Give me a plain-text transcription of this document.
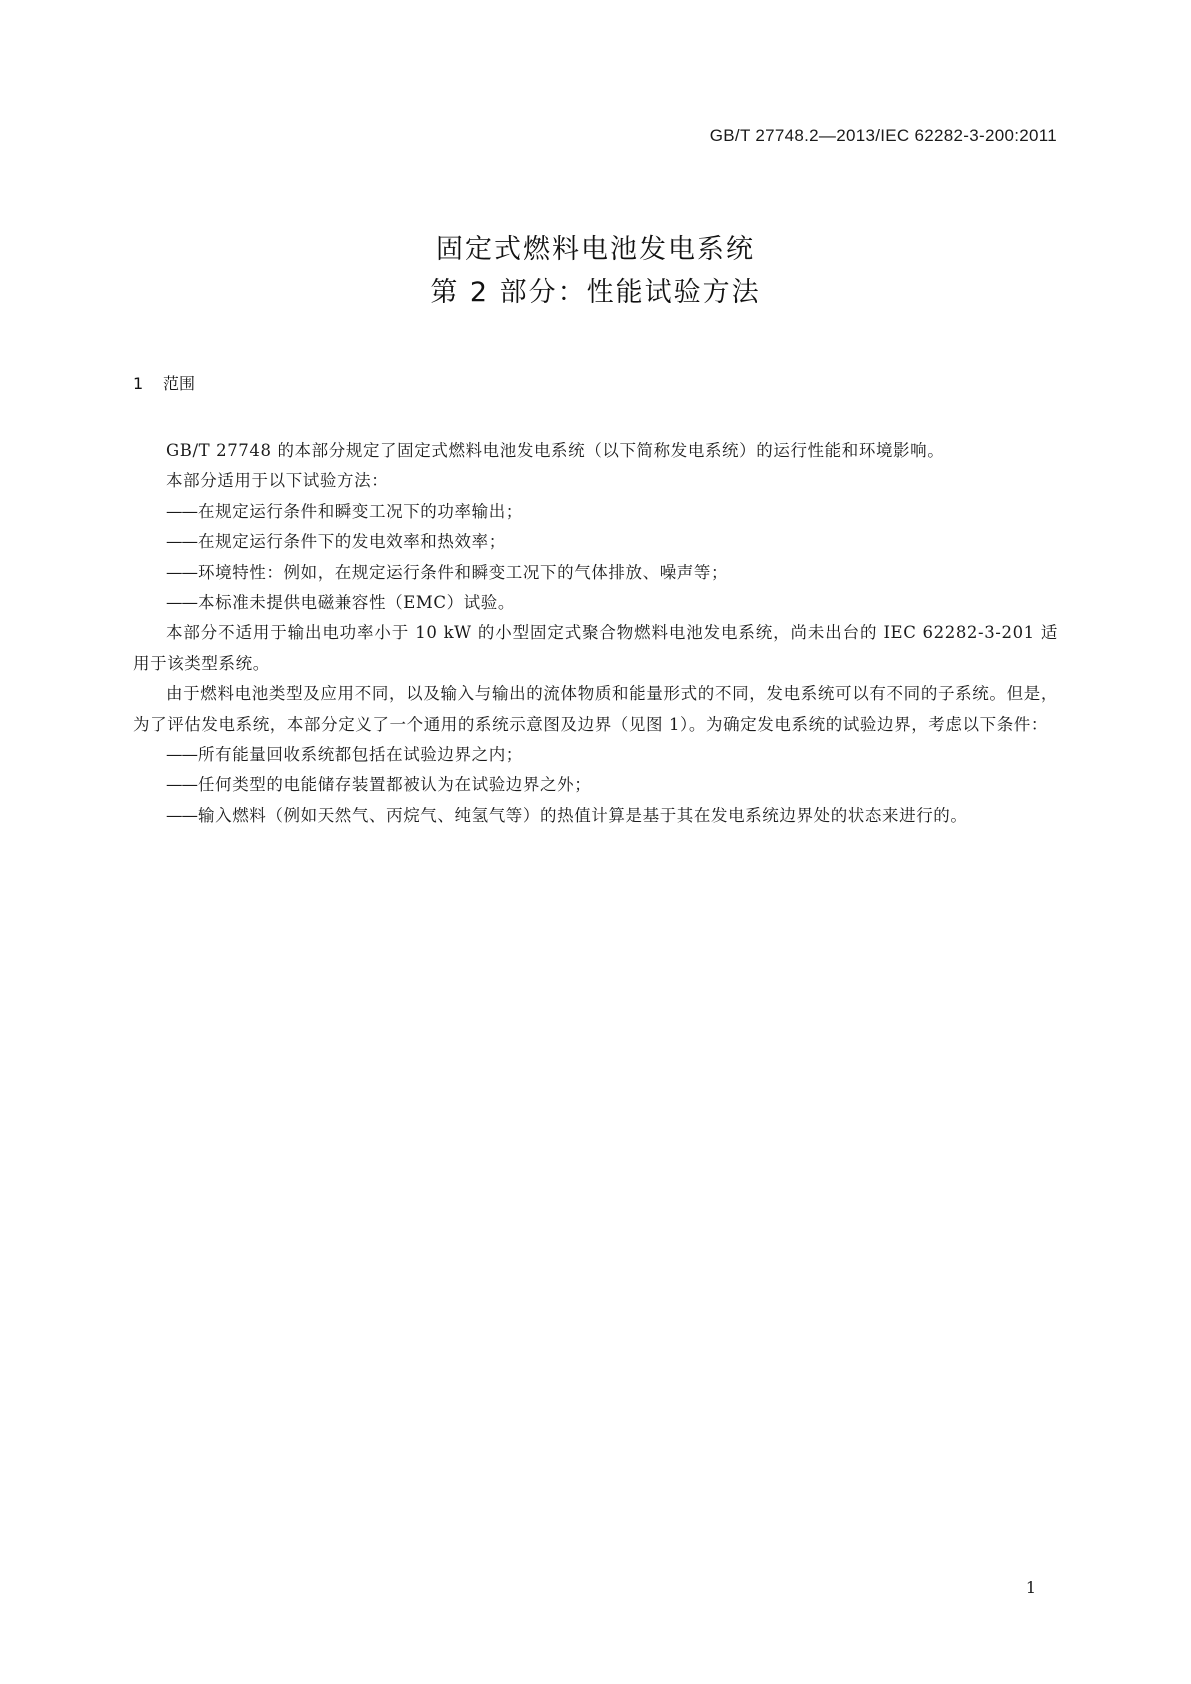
GB/T 27748.2—2013/IEC 62282-3-200:2011
固定式燃料电池发电系统
第 2 部分：性能试验方法
1 范围

GB/T 27748 的本部分规定了固定式燃料电池发电系统（以下简称发电系统）的运行性能和环境影响。

本部分适用于以下试验方法：

——在规定运行条件和瞬变工况下的功率输出；

——在规定运行条件下的发电效率和热效率；

——环境特性：例如，在规定运行条件和瞬变工况下的气体排放、噪声等；

——本标准未提供电磁兼容性（EMC）试验。

本部分不适用于输出电功率小于 10 kW 的小型固定式聚合物燃料电池发电系统，尚未出台的 IEC 62282-3-201 适用于该类型系统。

由于燃料电池类型及应用不同，以及输入与输出的流体物质和能量形式的不同，发电系统可以有不同的子系统。但是，为了评估发电系统，本部分定义了一个通用的系统示意图及边界（见图 1）。为确定发电系统的试验边界，考虑以下条件：

——所有能量回收系统都包括在试验边界之内；

——任何类型的电能储存装置都被认为在试验边界之外；

——输入燃料（例如天然气、丙烷气、纯氢气等）的热值计算是基于其在发电系统边界处的状态来进行的。

1
